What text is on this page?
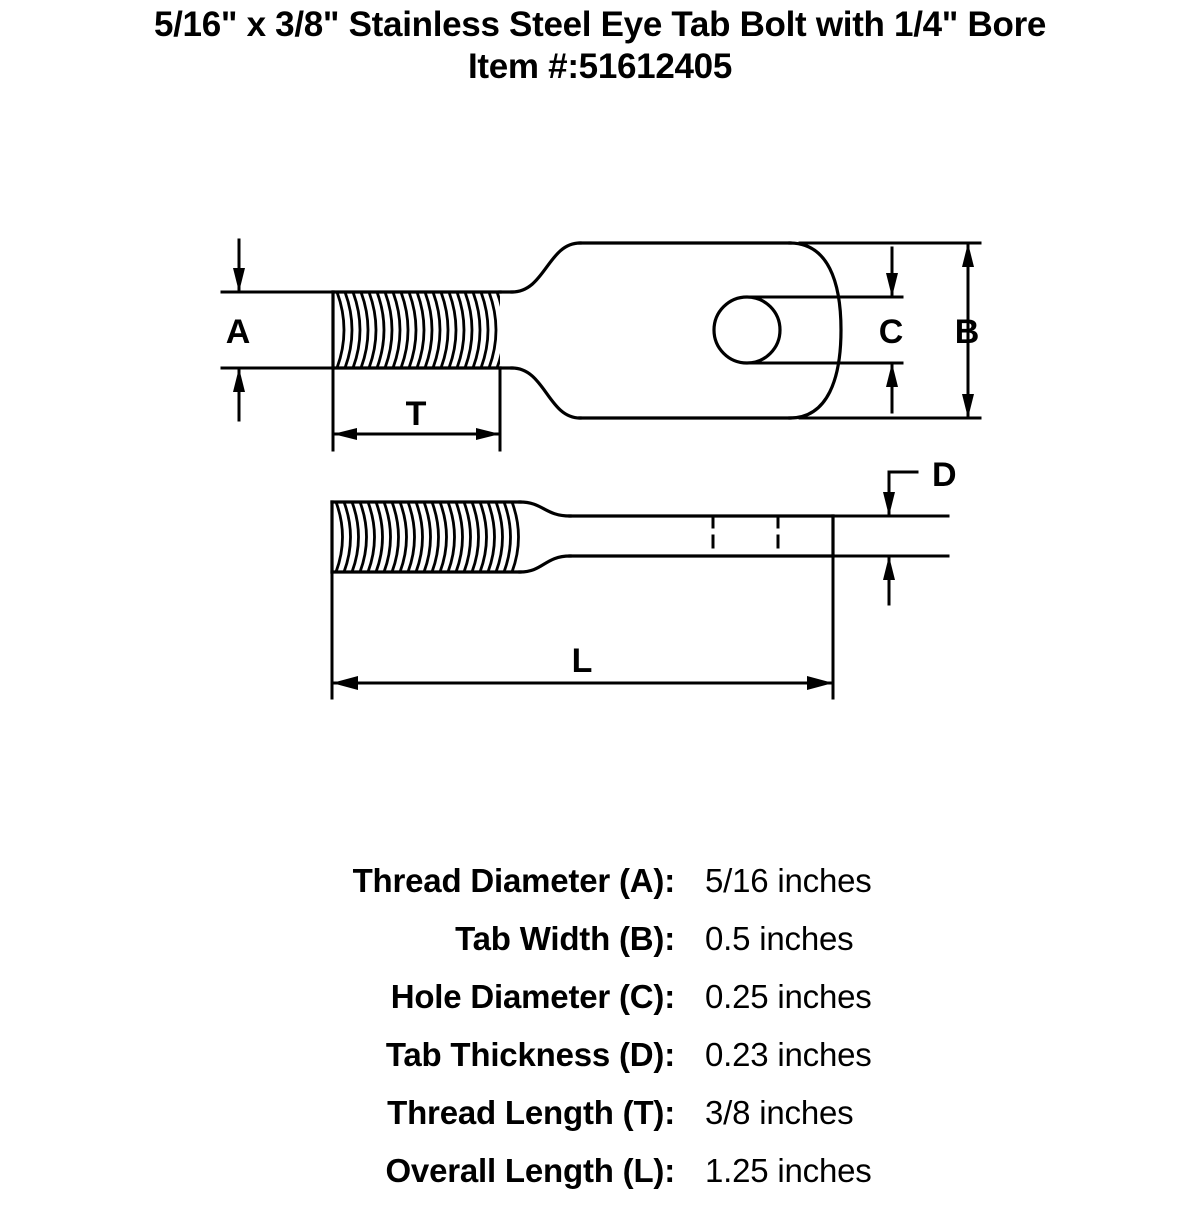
5/16" x 3/8" Stainless Steel Eye Tab Bolt with 1/4" Bore
Item #:51612405
A
T
C B
D
L
Thread Diameter (A): 5/16 inches
Tab Width (B): 0.5 inches
Hole Diameter (C): 0.25 inches
Tab Thickness (D): 0.23 inches
Thread Length (T): 3/8 inches
Overall Length (L): 1.25 inches
